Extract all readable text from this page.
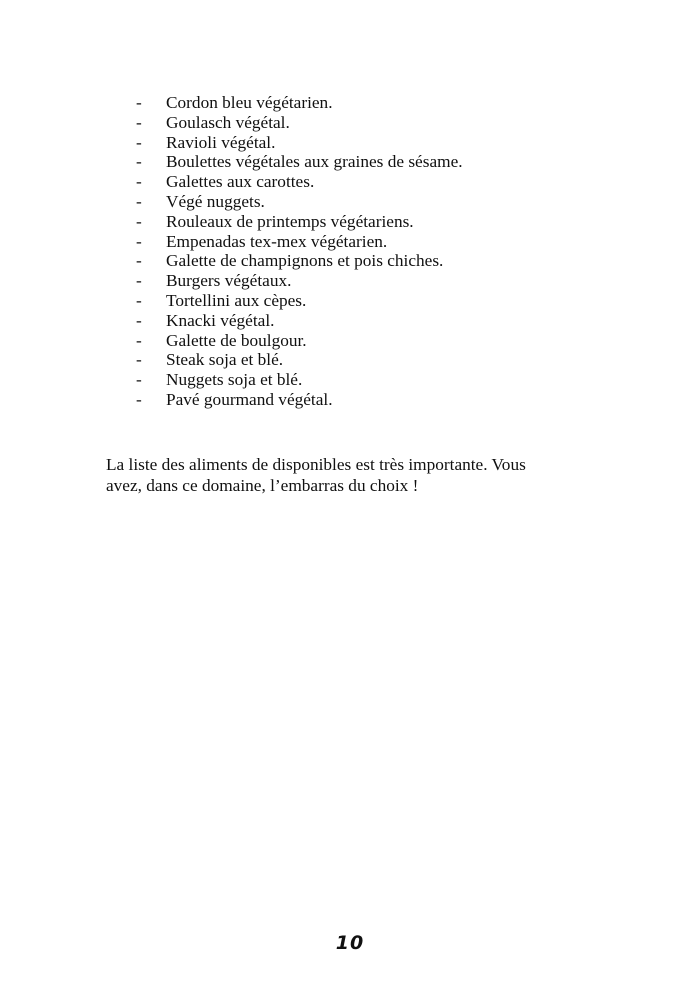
-	Cordon bleu végétarien.
-	Goulasch végétal.
-	Ravioli végétal.
-	Boulettes végétales aux graines de sésame.
-	Galettes aux carottes.
-	Végé nuggets.
-	Rouleaux de printemps végétariens.
-	Empenadas tex-mex végétarien.
-	Galette de champignons et pois chiches.
-	Burgers végétaux.
-	Tortellini aux cèpes.
-	Knacki végétal.
-	Galette de boulgour.
-	Steak soja et blé.
-	Nuggets soja et blé.
-	Pavé gourmand végétal.

La liste des aliments de disponibles est très importante. Vous
avez, dans ce domaine, l’embarras du choix !

10
